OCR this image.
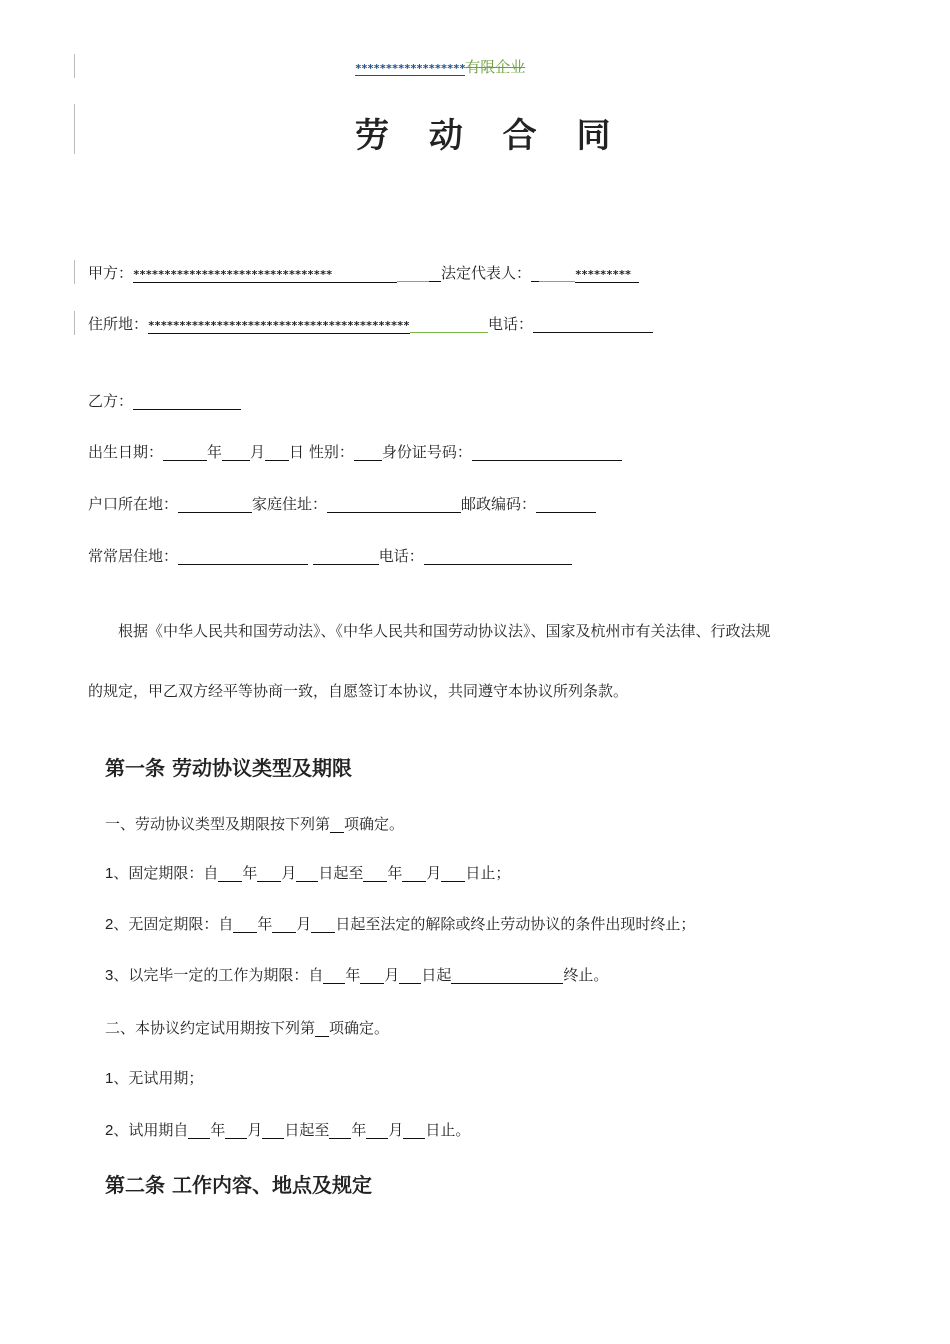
******************有限企业
劳 动 合 同
甲方：********************************	法定代表人：	*********
住所地：******************************************	电话：
乙方：
出生日期：	年 月 日 性别： 身份证号码：
户口所在地：	家庭住址：	邮政编码：
常常居住地：	电话：
根据《中华人民共和国劳动法》、《中华人民共和国劳动协议法》、国家及杭州市有关法律、行政法规
的规定，甲乙双方经平等协商一致，自愿签订本协议，共同遵守本协议所列条款。
第一条 劳动协议类型及期限
一、劳动协议类型及期限按下列第 项确定。
1、固定期限：自 年 月 日起至 年 月 日止；
2、无固定期限：自 年 月 日起至法定的解除或终止劳动协议的条件出现时终止；
3、以完毕一定的工作为期限：自 年 月 日起	终止。
二、本协议约定试用期按下列第 项确定。
1、无试用期；
2、试用期自 年 月 日起至 年 月 日止。
第二条 工作内容、地点及规定
